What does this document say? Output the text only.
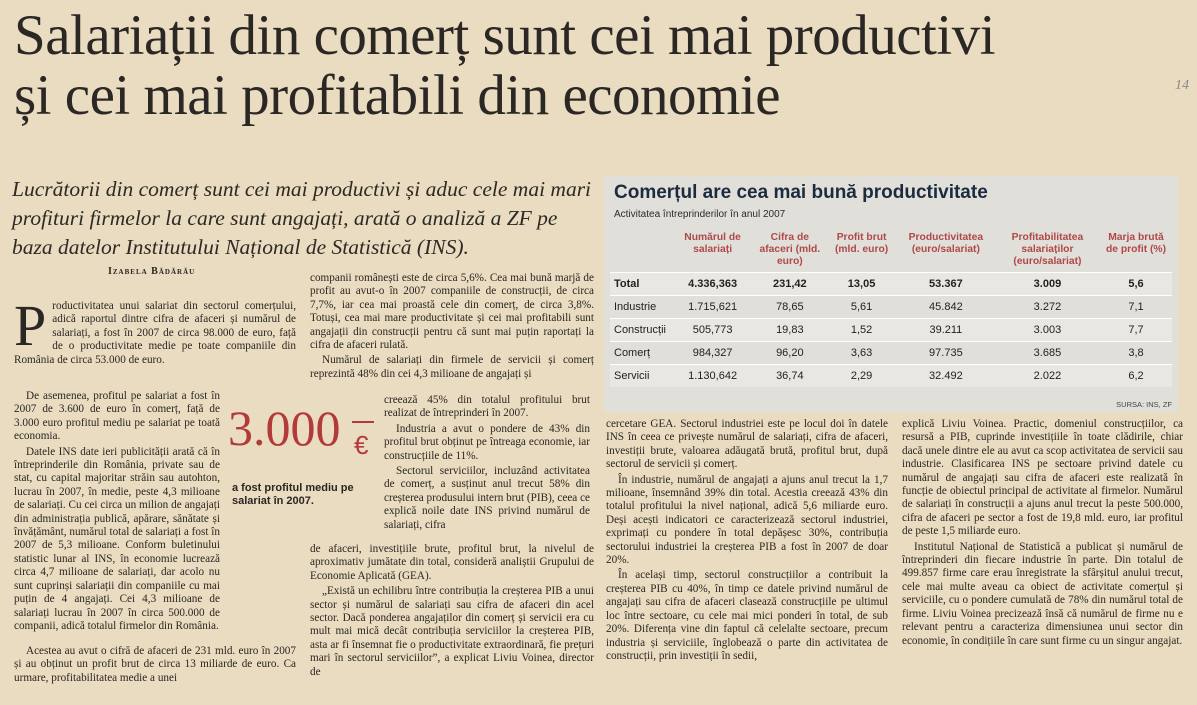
Salariații din comerț sunt cei mai productivi
și cei mai profitabili din economie

Lucrătorii din comerț sunt cei mai productivi și aduc cele mai mari profituri firmelor la care sunt angajați, arată o analiză a ZF pe baza datelor Institutului Național de Statistică (INS).

Izabela Bădărău

Productivitatea unui salariat din sectorul comerțului, adică raportul dintre cifra de afaceri și numărul de salariați, a fost în 2007 de circa 98.000 de euro, față de o productivitate medie pe toate companiile din România de circa 53.000 de euro.

De asemenea, profitul pe salariat a fost în 2007 de 3.600 de euro în comerț, față de 3.000 euro profitul mediu pe salariat pe toată economia.

Datele INS date ieri publicității arată că în întreprinderile din România, private sau de stat, cu capital majoritar străin sau autohton, lucrau în 2007, în medie, peste 4,3 milioane de salariați. Cu cei circa un milion de angajați din administrația publică, apărare, sănătate și învățământ, numărul total de salariați a fost în 2007 de 5,3 milioane. Conform buletinului statistic lunar al INS, în economie lucrează circa 4,7 milioane de salariați, dar acolo nu sunt cuprinși salariații din companiile cu mai puțin de 4 angajați. Cei 4,3 milioane de salariați lucrau în 2007 în circa 500.000 de companii, adică totalul firmelor din România.

Acestea au avut o cifră de afaceri de 231 mld. euro în 2007 și au obținut un profit brut de circa 13 miliarde de euro. Ca urmare, profitabilitatea medie a unei

3.000 €
a fost profitul mediu pe salariat în 2007.

companii românești este de circa 5,6%. Cea mai bună marjă de profit au avut-o în 2007 companiile de construcții, de circa 7,7%, iar cea mai proastă cele din comerț, de circa 3,8%. Totuși, cea mai mare productivitate și cei mai profitabili sunt angajații din construcții pentru că sunt mai puțin raportați la cifra de afaceri rulată.

Numărul de salariați din firmele de servicii și comerț reprezintă 48% din cei 4,3 milioane de angajați și

creează 45% din totalul profitului brut realizat de întreprinderi în 2007.

Industria a avut o pondere de 43% din profitul brut obținut pe întreaga economie, iar construcțiile de 11%.

Sectorul serviciilor, incluzând activitatea de comerț, a susținut anul trecut 58% din creșterea produsului intern brut (PIB), ceea ce explică noile date INS privind numărul de salariați, cifra

de afaceri, investițiile brute, profitul brut, la nivelul de aproximativ jumătate din total, consideră analiștii Grupului de Economie Aplicată (GEA).

„Există un echilibru între contribuția la creșterea PIB a unui sector și numărul de salariați sau cifra de afaceri din acel sector. Dacă ponderea angajaților din comerț și servicii era cu mult mai mică decât contribuția serviciilor la creșterea PIB, asta ar fi însemnat fie o productivitate extraordinară, fie prețuri mari în sectorul serviciilor”, a explicat Liviu Voinea, director de

Comerțul are cea mai bună productivitate
Activitatea întreprinderilor în anul 2007
	Numărul de salariați	Cifra de afaceri (mld. euro)	Profit brut (mld. euro)	Productivitatea (euro/salariat)	Profitabilitatea salariaților (euro/salariat)	Marja brută de profit (%)
Total	4.336,363	231,42	13,05	53.367	3.009	5,6
Industrie	1.715,621	78,65	5,61	45.842	3.272	7,1
Construcții	505,773	19,83	1,52	39.211	3.003	7,7
Comerț	984,327	96,20	3,63	97.735	3.685	3,8
Servicii	1.130,642	36,74	2,29	32.492	2.022	6,2
SURSA: INS, ZF

cercetare GEA. Sectorul industriei este pe locul doi în datele INS în ceea ce privește numărul de salariați, cifra de afaceri, investiții brute, valoarea adăugată brută, profitul brut, după sectorul de servicii și comerț.

În industrie, numărul de angajați a ajuns anul trecut la 1,7 milioane, însemnând 39% din total. Acestia creează 43% din totalul profitului la nivel național, adică 5,6 miliarde euro. Deși acești indicatori ce caracterizează sectorul industriei, exprimați cu pondere în total depășesc 30%, contribuția sectorului industriei la creșterea PIB a fost în 2007 de doar 20%.

În același timp, sectorul construcțiilor a contribuit la creșterea PIB cu 40%, în timp ce datele privind numărul de angajați sau cifra de afaceri clasează construcțiile pe ultimul loc între sectoare, cu cele mai mici ponderi în total, de sub 20%. Diferența vine din faptul că celelalte sectoare, precum industria și serviciile, înglobează o parte din activitatea de construcții, prin investiții în sedii,

explică Liviu Voinea. Practic, domeniul construcțiilor, ca resursă a PIB, cuprinde investițiile în toate clădirile, chiar dacă unele dintre ele au avut ca scop activitatea de servicii sau industrie. Clasificarea INS pe sectoare privind datele cu numărul de angajați sau cifra de afaceri este realizată în funcție de obiectul principal de activitate al firmelor. Numărul de salariați în construcții a ajuns anul trecut la peste 500.000, cifra de afaceri pe sector a fost de 19,8 mld. euro, iar profitul de peste 1,5 miliarde euro.

Institutul Național de Statistică a publicat și numărul de întreprinderi din fiecare industrie în parte. Din totalul de 499.857 firme care erau înregistrate la sfârșitul anului trecut, cele mai multe aveau ca obiect de activitate comerțul și serviciile, cu o pondere cumulată de 78% din numărul total de firme. Liviu Voinea precizează însă că numărul de firme nu e relevant pentru a caracteriza dimensiunea unui sector din economie, în condițiile în care sunt firme cu un singur angajat.

14
